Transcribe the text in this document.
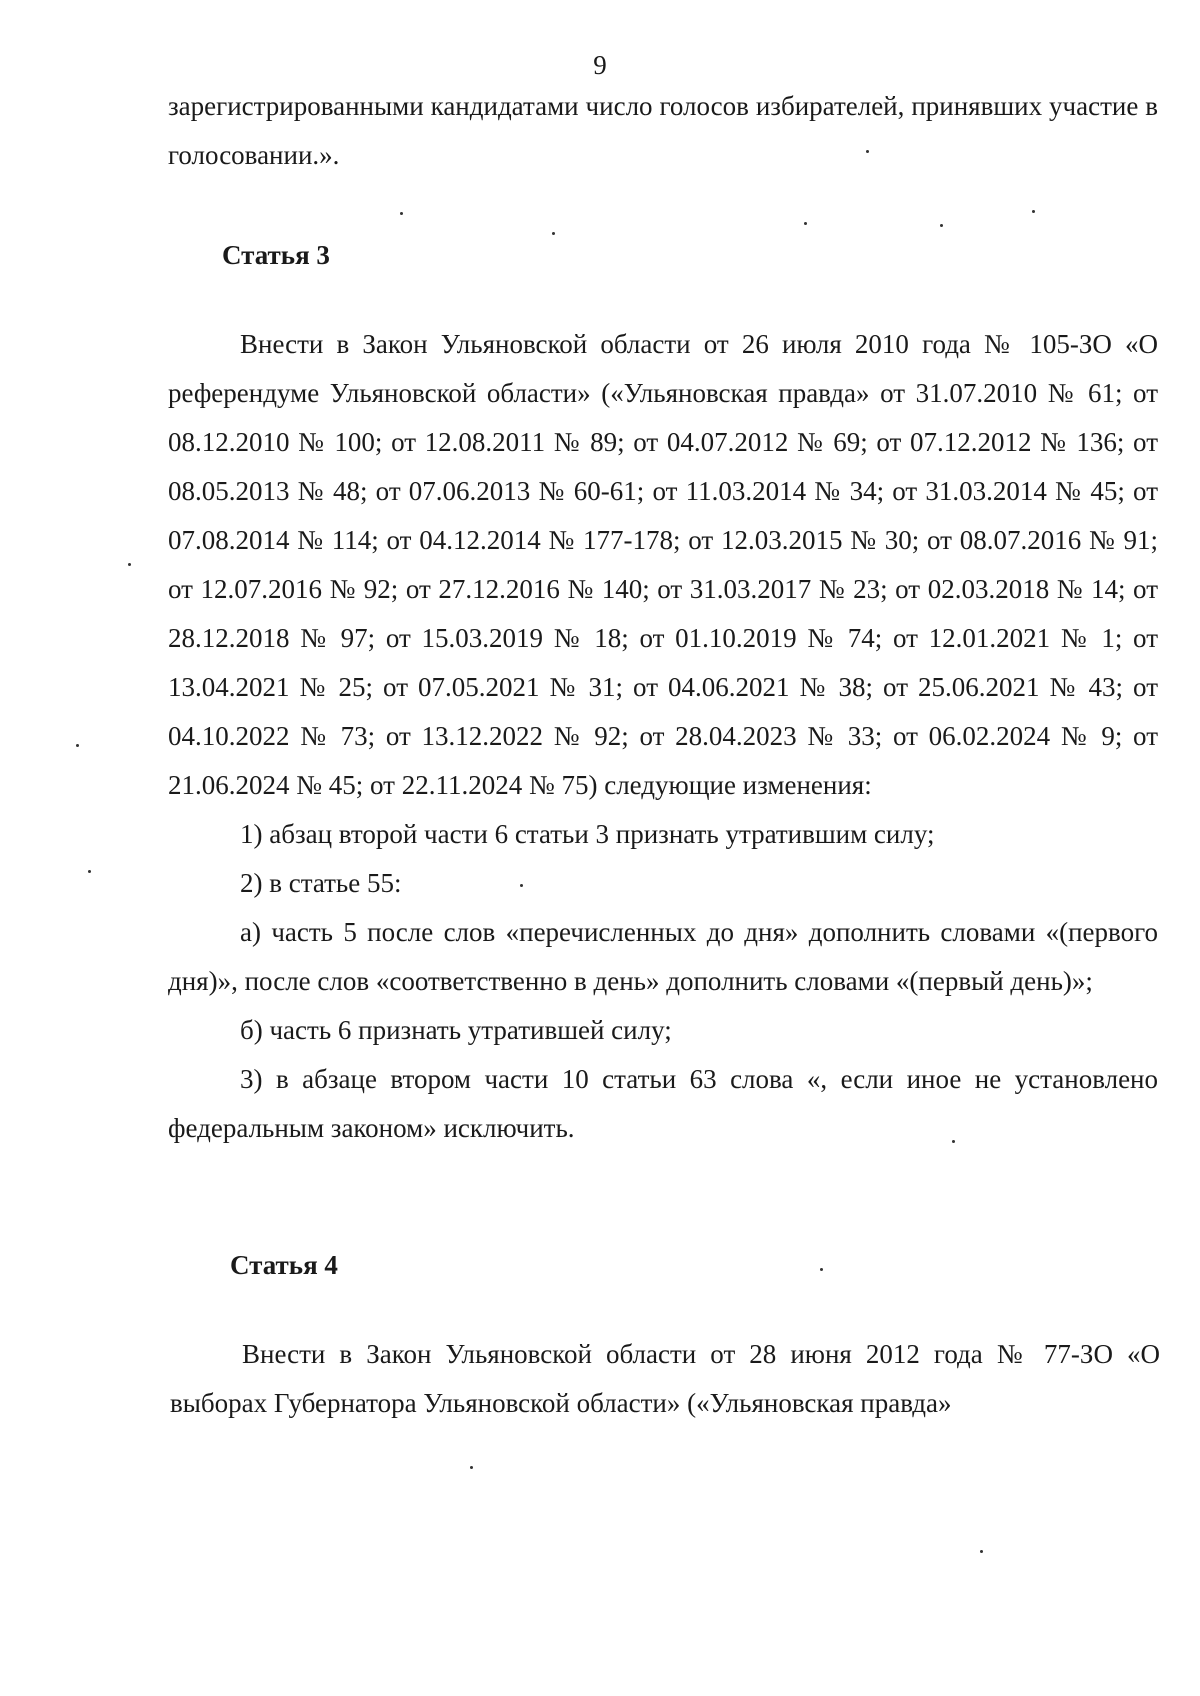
9

зарегистрированными кандидатами число голосов избирателей, принявших участие в голосовании.».

Статья 3

Внести в Закон Ульяновской области от 26 июля 2010 года № 105-ЗО «О референдуме Ульяновской области» («Ульяновская правда» от 31.07.2010 № 61; от 08.12.2010 № 100; от 12.08.2011 № 89; от 04.07.2012 № 69; от 07.12.2012 № 136; от 08.05.2013 № 48; от 07.06.2013 № 60-61; от 11.03.2014 № 34; от 31.03.2014 № 45; от 07.08.2014 № 114; от 04.12.2014 № 177-178; от 12.03.2015 № 30; от 08.07.2016 № 91; от 12.07.2016 № 92; от 27.12.2016 № 140; от 31.03.2017 № 23; от 02.03.2018 № 14; от 28.12.2018 № 97; от 15.03.2019 № 18; от 01.10.2019 № 74; от 12.01.2021 № 1; от 13.04.2021 № 25; от 07.05.2021 № 31; от 04.06.2021 № 38; от 25.06.2021 № 43; от 04.10.2022 № 73; от 13.12.2022 № 92; от 28.04.2023 № 33; от 06.02.2024 № 9; от 21.06.2024 № 45; от 22.11.2024 № 75) следующие изменения:

1) абзац второй части 6 статьи 3 признать утратившим силу;

2) в статье 55:

а) часть 5 после слов «перечисленных до дня» дополнить словами «(первого дня)», после слов «соответственно в день» дополнить словами «(первый день)»;

б) часть 6 признать утратившей силу;

3) в абзаце втором части 10 статьи 63 слова «, если иное не установлено федеральным законом» исключить.

Статья 4

Внести в Закон Ульяновской области от 28 июня 2012 года № 77-ЗО «О выборах Губернатора Ульяновской области» («Ульяновская правда»
